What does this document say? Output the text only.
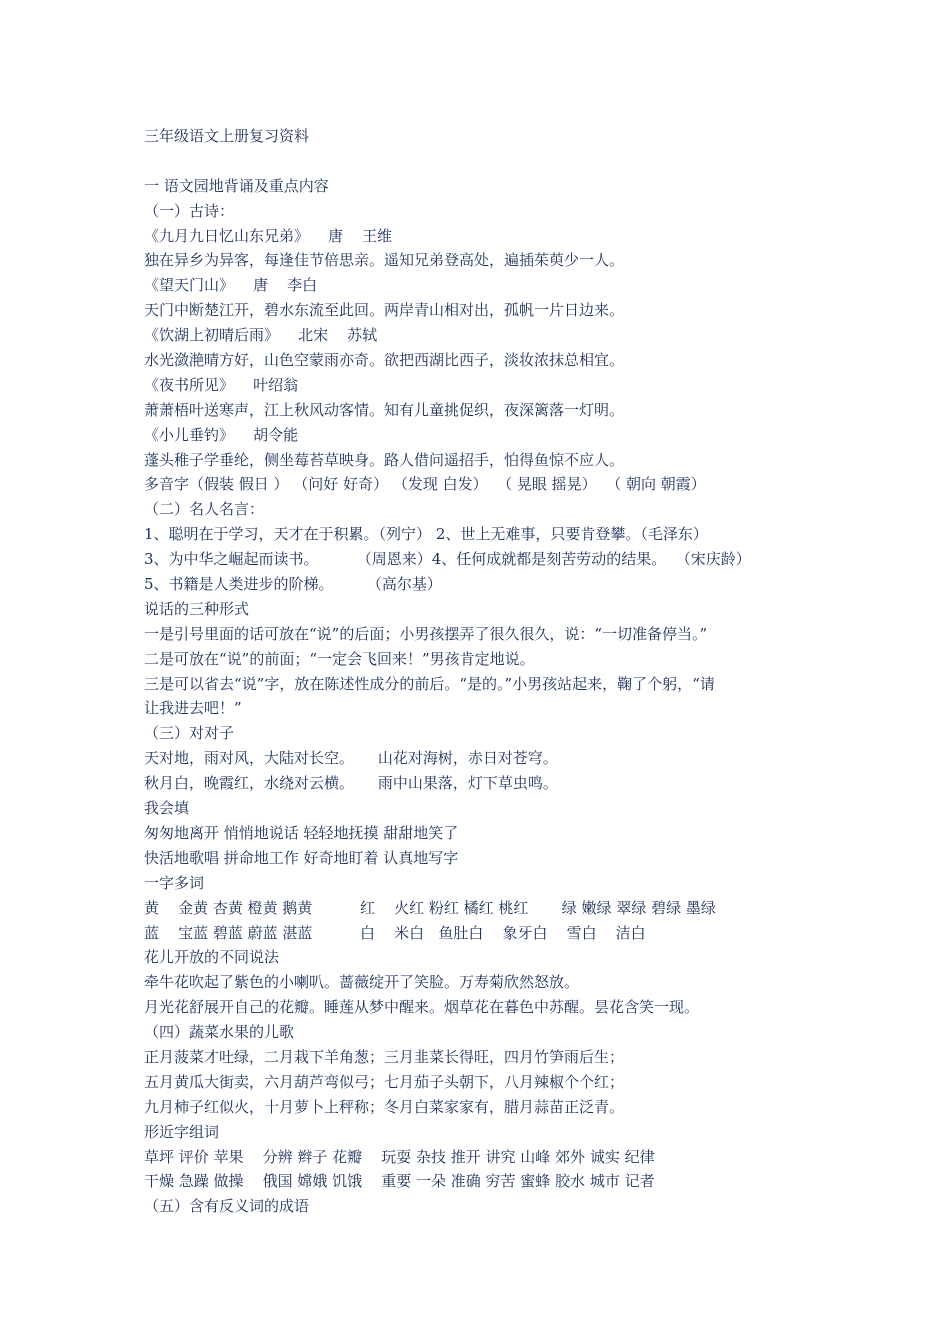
三年级语文上册复习资料
一 语文园地背诵及重点内容
（一）古诗：
《九月九日忆山东兄弟》    唐    王维
独在异乡为异客，每逢佳节倍思亲。遥知兄弟登高处，遍插茱萸少一人。
《望天门山》    唐    李白
天门中断楚江开，碧水东流至此回。两岸青山相对出，孤帆一片日边来。
《饮湖上初晴后雨》    北宋    苏轼
水光潋滟晴方好，山色空蒙雨亦奇。欲把西湖比西子，淡妆浓抹总相宜。
《夜书所见》    叶绍翁
萧萧梧叶送寒声，江上秋风动客情。知有儿童挑促织，夜深篱落一灯明。
《小儿垂钓》    胡令能
蓬头稚子学垂纶，侧坐莓苔草映身。路人借问遥招手，怕得鱼惊不应人。
多音字（假装 假日 ） （问好 好奇） （发现 白发）  （ 晃眼 摇晃）  （ 朝向 朝霞）
（二）名人名言：
1、聪明在于学习，天才在于积累。（列宁） 2、世上无难事，只要肯登攀。（毛泽东）
3、为中华之崛起而读书。        （周恩来）4、任何成就都是刻苦劳动的结果。  （宋庆龄）
5、书籍是人类进步的阶梯。       （高尔基）
说话的三种形式
一是引号里面的话可放在“说”的后面；小男孩摆弄了很久很久，说：“一切准备停当。”
二是可放在“说”的前面；“一定会飞回来！”男孩肯定地说。
三是可以省去“说”字，放在陈述性成分的前后。“是的。”小男孩站起来，鞠了个躬，“请
让我进去吧！”
（三）对对子
天对地，雨对风，大陆对长空。     山花对海树，赤日对苍穹。
秋月白，晚霞红，水绕对云横。     雨中山果落，灯下草虫鸣。
我会填
匆匆地离开 悄悄地说话 轻轻地抚摸 甜甜地笑了
快活地歌唱 拼命地工作 好奇地盯着 认真地写字
一字多词
黄    金黄 杏黄 橙黄 鹅黄          红    火红 粉红 橘红 桃红       绿 嫩绿 翠绿 碧绿 墨绿
蓝    宝蓝 碧蓝 蔚蓝 湛蓝          白    米白   鱼肚白    象牙白    雪白    洁白
花儿开放的不同说法
牵牛花吹起了紫色的小喇叭。蔷薇绽开了笑脸。万寿菊欣然怒放。
月光花舒展开自己的花瓣。睡莲从梦中醒来。烟草花在暮色中苏醒。昙花含笑一现。
（四）蔬菜水果的儿歌
正月菠菜才吐绿，二月栽下羊角葱；三月韭菜长得旺，四月竹笋雨后生；
五月黄瓜大街卖，六月葫芦弯似弓；七月茄子头朝下，八月辣椒个个红；
九月柿子红似火，十月萝卜上秤称；冬月白菜家家有，腊月蒜苗正泛青。
形近字组词
草坪 评价 苹果    分辨 辫子 花瓣    玩耍 杂技 推开 讲究 山峰 郊外 诚实 纪律
干燥 急躁 做操    俄国 嫦娥 饥饿    重要 一朵 准确 穷苦 蜜蜂 胶水 城市 记者
（五）含有反义词的成语
